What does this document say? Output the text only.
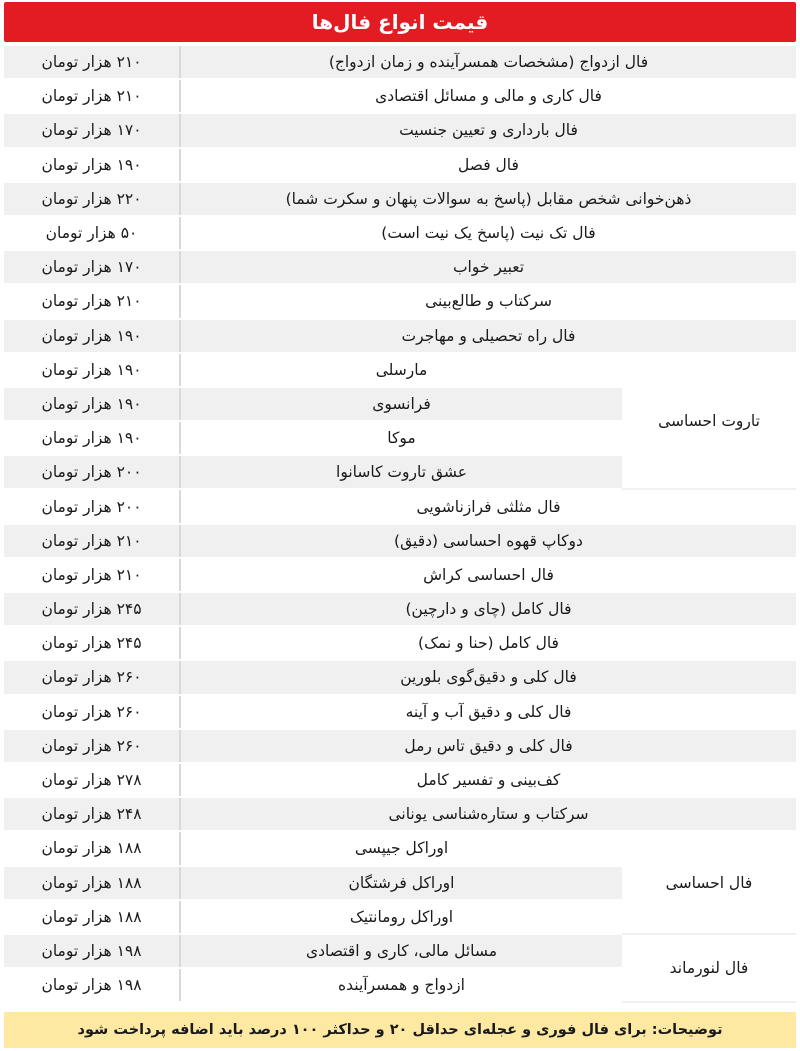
قیمت انواع فال‌ها
فال ازدواج (مشخصات همسرآینده و زمان ازدواج)		۲۱۰ هزار تومان
فال کاری و مالی و مسائل اقتصادی		۲۱۰ هزار تومان
فال بارداری و تعیین جنسیت		۱۷۰ هزار تومان
فال فصل		۱۹۰ هزار تومان
ذهن‌خوانی شخص مقابل (پاسخ به سوالات پنهان و سکرت شما)		۲۲۰ هزار تومان
فال تک نیت (پاسخ یک نیت است)		۵۰ هزار تومان
تعبیر خواب		۱۷۰ هزار تومان
سرکتاب و طالع‌بینی		۲۱۰ هزار تومان
فال راه تحصیلی و مهاجرت		۱۹۰ هزار تومان
تاروت احساسی	مارسلی	۱۹۰ هزار تومان
	فرانسوی	۱۹۰ هزار تومان
	موکا	۱۹۰ هزار تومان
	عشق تاروت کاسانوا	۲۰۰ هزار تومان
فال مثلثی فرازناشویی		۲۰۰ هزار تومان
دوکاپ قهوه احساسی (دقیق)		۲۱۰ هزار تومان
فال احساسی کراش		۲۱۰ هزار تومان
فال کامل (چای و دارچین)		۲۴۵ هزار تومان
فال کامل (حنا و نمک)		۲۴۵ هزار تومان
فال کلی و دقیق‌گوی بلورین		۲۶۰ هزار تومان
فال کلی و دقیق آب و آینه		۲۶۰ هزار تومان
فال کلی و دقیق تاس رمل		۲۶۰ هزار تومان
کف‌بینی و تفسیر کامل		۲۷۸ هزار تومان
سرکتاب و ستاره‌شناسی یونانی		۲۴۸ هزار تومان
فال احساسی	اوراکل جیپسی	۱۸۸ هزار تومان
	اوراکل فرشتگان	۱۸۸ هزار تومان
	اوراکل رومانتیک	۱۸۸ هزار تومان
فال لنورماند	مسائل مالی، کاری و اقتصادی	۱۹۸ هزار تومان
	ازدواج و همسرآینده	۱۹۸ هزار تومان
توضیحات: برای فال فوری و عجله‌ای حداقل ۲۰ و حداکثر ۱۰۰ درصد باید اضافه پرداخت شود
